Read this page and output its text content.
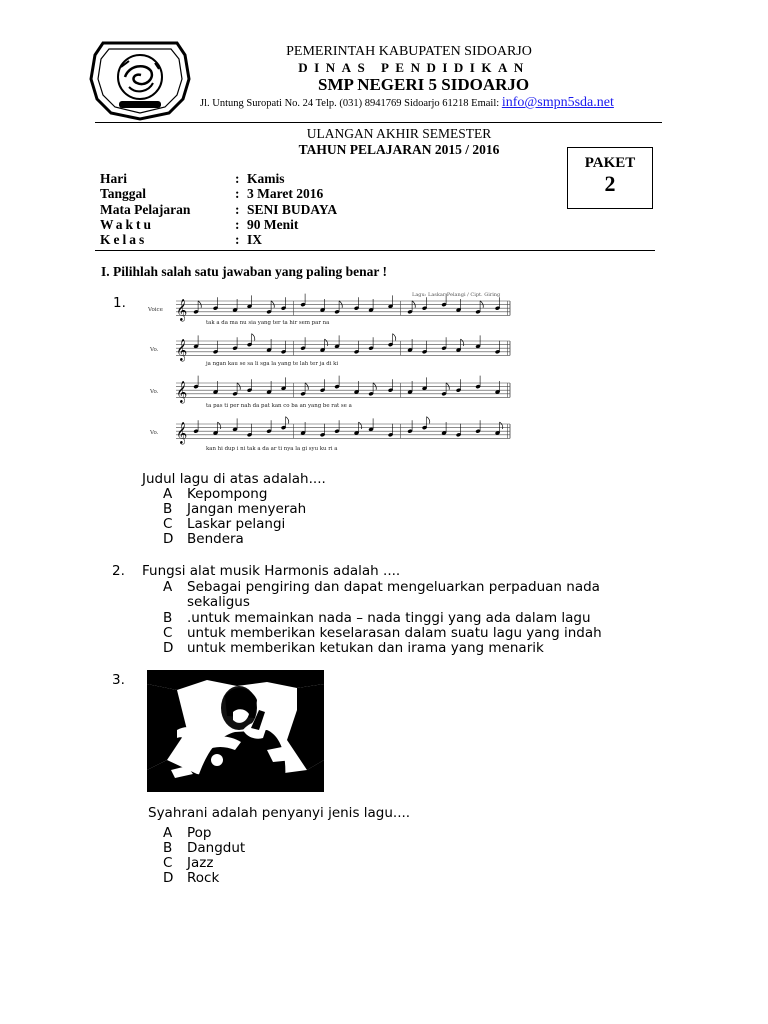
PEMERINTAH KABUPATEN SIDOARJO
DINAS PENDIDIKAN
SMP NEGERI 5 SIDOARJO
Jl. Untung Suropati No. 24 Telp. (031) 8941769 Sidoarjo 61218 Email: info@smpn5sda.net
ULANGAN AKHIR SEMESTER
TAHUN PELAJARAN 2015 / 2016
PAKET
2
Hari	: Kamis
Tanggal	: 3 Maret 2016
Mata Pelajaran	: SENI BUDAYA
Waktu	: 90 Menit
Kelas	: IX
I. Pilihlah salah satu jawaban yang paling benar !
1.	Lagu: Laskar Pelangi / Cipt. Giring
Voice 𝄞
tak a da ma nu sia yang ter ta hir sem par na
Vo. 𝄞
ja ngan kau se sa li sga la yang te lah ter ja di ki
Vo. 𝄞
ta pas ti per nah da pat kan co ba an yang be rat se a
Vo. 𝄞
kan hi dup i ni tak a da ar ti nya la gi syu ku ri a
Judul lagu di atas adalah....
A Kepompong
B Jangan menyerah
C Laskar pelangi
D Bendera
2. Fungsi alat musik Harmonis adalah ....
A Sebagai pengiring dan dapat mengeluarkan perpaduan nada
sekaligus
B .untuk memainkan nada – nada tinggi yang ada dalam lagu
C untuk memberikan keselarasan dalam suatu lagu yang indah
D untuk memberikan ketukan dan irama yang menarik
3.
Syahrani adalah penyanyi jenis lagu....
A Pop
B Dangdut
C Jazz
D Rock
